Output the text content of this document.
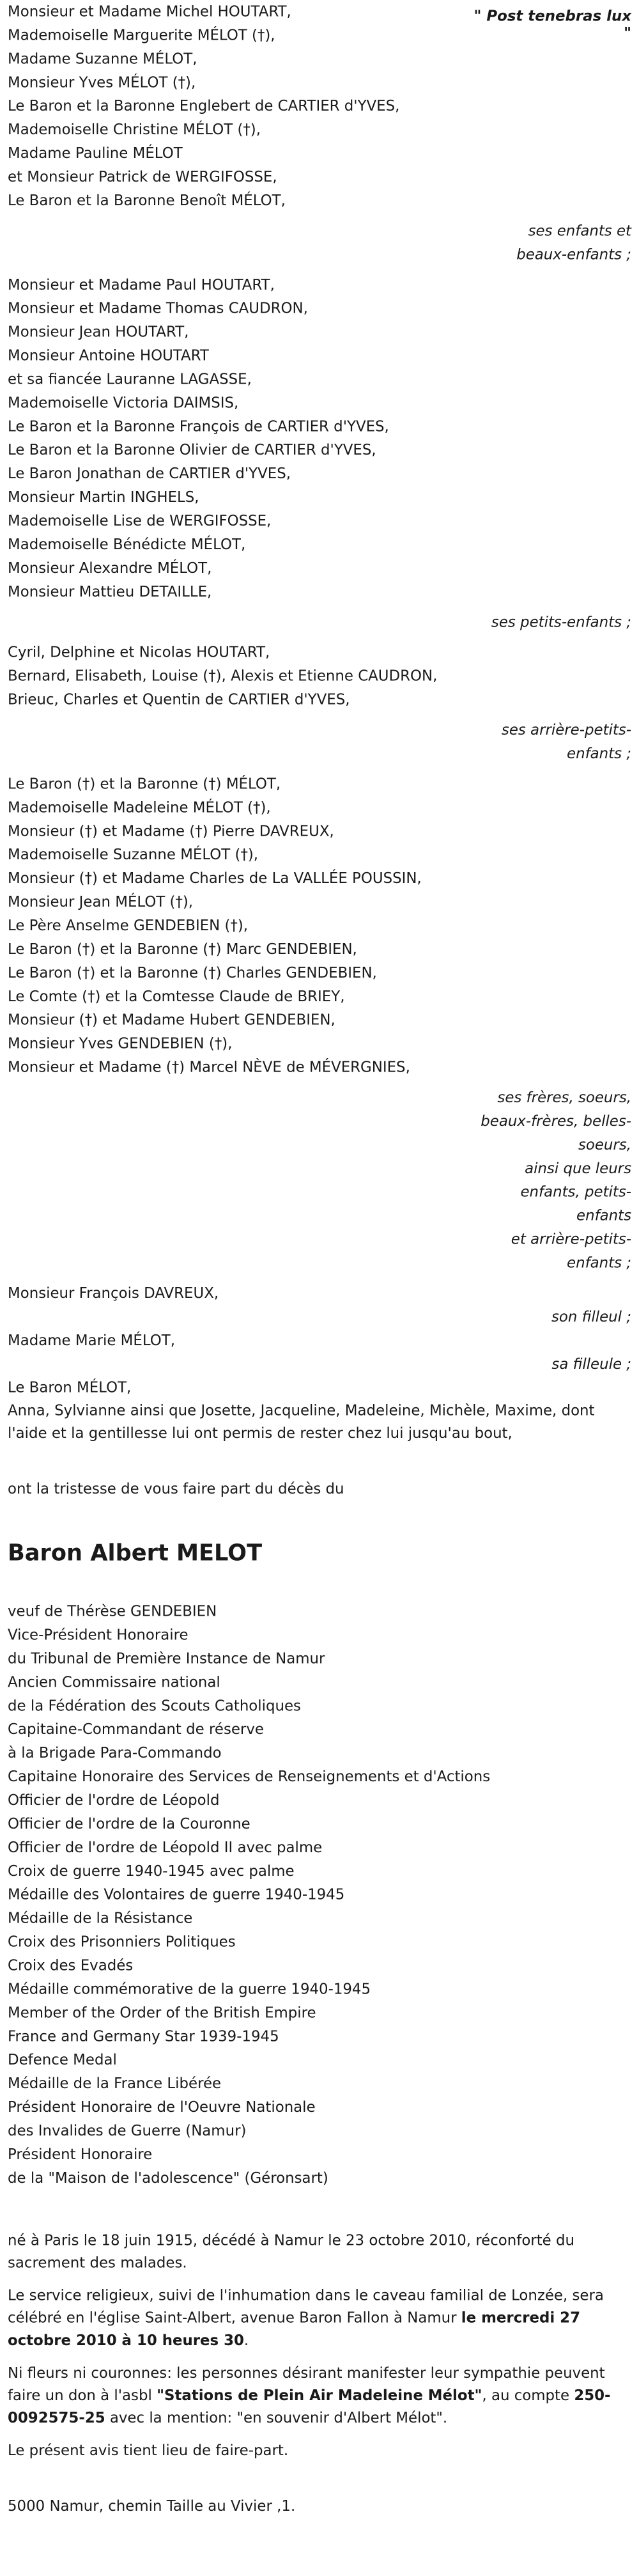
" Post tenebras lux
"
Monsieur et Madame Michel HOUTART,
Mademoiselle Marguerite MÉLOT (†),
Madame Suzanne MÉLOT,
Monsieur Yves MÉLOT (†),
Le Baron et la Baronne Englebert de CARTIER d'YVES,
Mademoiselle Christine MÉLOT (†),
Madame Pauline MÉLOT
et Monsieur Patrick de WERGIFOSSE,
Le Baron et la Baronne Benoît MÉLOT,
ses enfants et
beaux-enfants ;
Monsieur et Madame Paul HOUTART,
Monsieur et Madame Thomas CAUDRON,
Monsieur Jean HOUTART,
Monsieur Antoine HOUTART
et sa fiancée Lauranne LAGASSE,
Mademoiselle Victoria DAIMSIS,
Le Baron et la Baronne François de CARTIER d'YVES,
Le Baron et la Baronne Olivier de CARTIER d'YVES,
Le Baron Jonathan de CARTIER d'YVES,
Monsieur Martin INGHELS,
Mademoiselle Lise de WERGIFOSSE,
Mademoiselle Bénédicte MÉLOT,
Monsieur Alexandre MÉLOT,
Monsieur Mattieu DETAILLE,
ses petits-enfants ;
Cyril, Delphine et Nicolas HOUTART,
Bernard, Elisabeth, Louise (†), Alexis et Etienne CAUDRON,
Brieuc, Charles et Quentin de CARTIER d'YVES,
ses arrière-petits-
enfants ;
Le Baron (†) et la Baronne (†) MÉLOT,
Mademoiselle Madeleine MÉLOT (†),
Monsieur (†) et Madame (†) Pierre DAVREUX,
Mademoiselle Suzanne MÉLOT (†),
Monsieur (†) et Madame Charles de La VALLÉE POUSSIN,
Monsieur Jean MÉLOT (†),
Le Père Anselme GENDEBIEN (†),
Le Baron (†) et la Baronne (†) Marc GENDEBIEN,
Le Baron (†) et la Baronne (†) Charles GENDEBIEN,
Le Comte (†) et la Comtesse Claude de BRIEY,
Monsieur (†) et Madame Hubert GENDEBIEN,
Monsieur Yves GENDEBIEN (†),
Monsieur et Madame (†) Marcel NÈVE de MÉVERGNIES,
ses frères, soeurs,
beaux-frères, belles-
soeurs,
ainsi que leurs
enfants, petits-
enfants
et arrière-petits-
enfants ;
Monsieur François DAVREUX,
son filleul ;
Madame Marie MÉLOT,
sa filleule ;
Le Baron MÉLOT,
Anna, Sylvianne ainsi que Josette, Jacqueline, Madeleine, Michèle, Maxime, dont l'aide et la gentillesse lui ont permis de rester chez lui jusqu'au bout,
ont la tristesse de vous faire part du décès du
Baron Albert MELOT
veuf de Thérèse GENDEBIEN
Vice-Président Honoraire
du Tribunal de Première Instance de Namur
Ancien Commissaire national
de la Fédération des Scouts Catholiques
Capitaine-Commandant de réserve
à la Brigade Para-Commando
Capitaine Honoraire des Services de Renseignements et d'Actions
Officier de l'ordre de Léopold
Officier de l'ordre de la Couronne
Officier de l'ordre de Léopold II avec palme
Croix de guerre 1940-1945 avec palme
Médaille des Volontaires de guerre 1940-1945
Médaille de la Résistance
Croix des Prisonniers Politiques
Croix des Evadés
Médaille commémorative de la guerre 1940-1945
Member of the Order of the British Empire
France and Germany Star 1939-1945
Defence Medal
Médaille de la France Libérée
Président Honoraire de l'Oeuvre Nationale
des Invalides de Guerre (Namur)
Président Honoraire
de la "Maison de l'adolescence" (Géronsart)
né à Paris le 18 juin 1915, décédé à Namur le 23 octobre 2010, réconforté du sacrement des malades.
Le service religieux, suivi de l'inhumation dans le caveau familial de Lonzée, sera célébré en l'église Saint-Albert, avenue Baron Fallon à Namur le mercredi 27 octobre 2010 à 10 heures 30.
Ni fleurs ni couronnes: les personnes désirant manifester leur sympathie peuvent faire un don à l'asbl "Stations de Plein Air Madeleine Mélot", au compte 250-0092575-25 avec la mention: "en souvenir d'Albert Mélot".
Le présent avis tient lieu de faire-part.
5000 Namur, chemin Taille au Vivier ,1.
